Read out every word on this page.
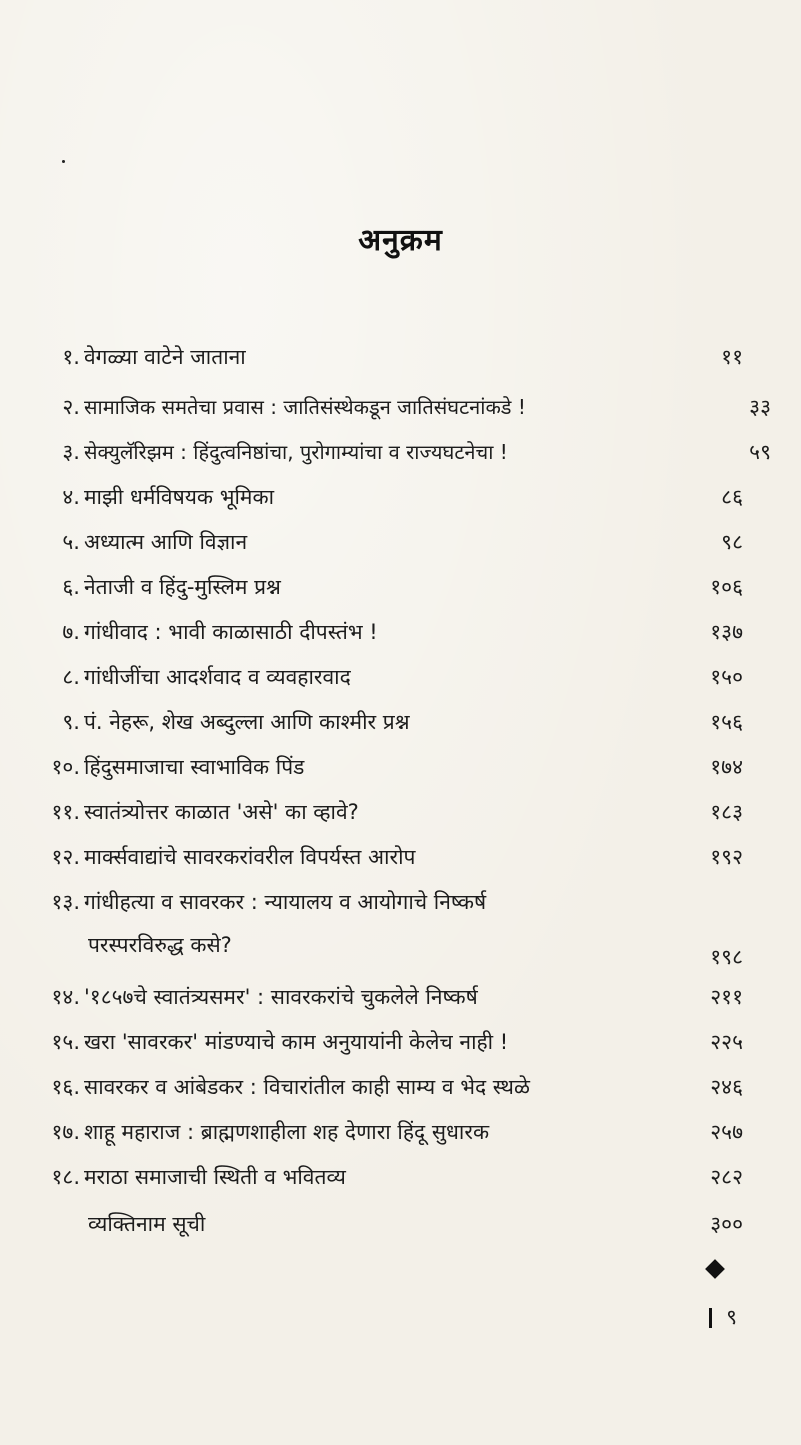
अनुक्रम
१. वेगळ्या वाटेने जाताना	११
२. सामाजिक समतेचा प्रवास : जातिसंस्थेकडून जातिसंघटनांकडे !	३३
३. सेक्युलॅरिझम : हिंदुत्वनिष्ठांचा, पुरोगाम्यांचा व राज्यघटनेचा !	५९
४. माझी धर्मविषयक भूमिका	८६
५. अध्यात्म आणि विज्ञान	९८
६. नेताजी व हिंदु-मुस्लिम प्रश्न	१०६
७. गांधीवाद : भावी काळासाठी दीपस्तंभ !	१३७
८. गांधीजींचा आदर्शवाद व व्यवहारवाद	१५०
९. पं. नेहरू, शेख अब्दुल्ला आणि काश्मीर प्रश्न	१५६
१०. हिंदुसमाजाचा स्वाभाविक पिंड	१७४
११. स्वातंत्र्योत्तर काळात 'असे' का व्हावे?	१८३
१२. मार्क्सवाद्यांचे सावरकरांवरील विपर्यस्त आरोप	१९२
१३. गांधीहत्या व सावरकर : न्यायालय व आयोगाचे निष्कर्ष
परस्परविरुद्ध कसे?	१९८
१४. '१८५७चे स्वातंत्र्यसमर' : सावरकरांचे चुकलेले निष्कर्ष	२११
१५. खरा 'सावरकर' मांडण्याचे काम अनुयायांनी केलेच नाही !	२२५
१६. सावरकर व आंबेडकर : विचारांतील काही साम्य व भेद स्थळे	२४६
१७. शाहू महाराज : ब्राह्मणशाहीला शह देणारा हिंदू सुधारक	२५७
१८. मराठा समाजाची स्थिती व भवितव्य	२८२
व्यक्तिनाम सूची	३००
९
